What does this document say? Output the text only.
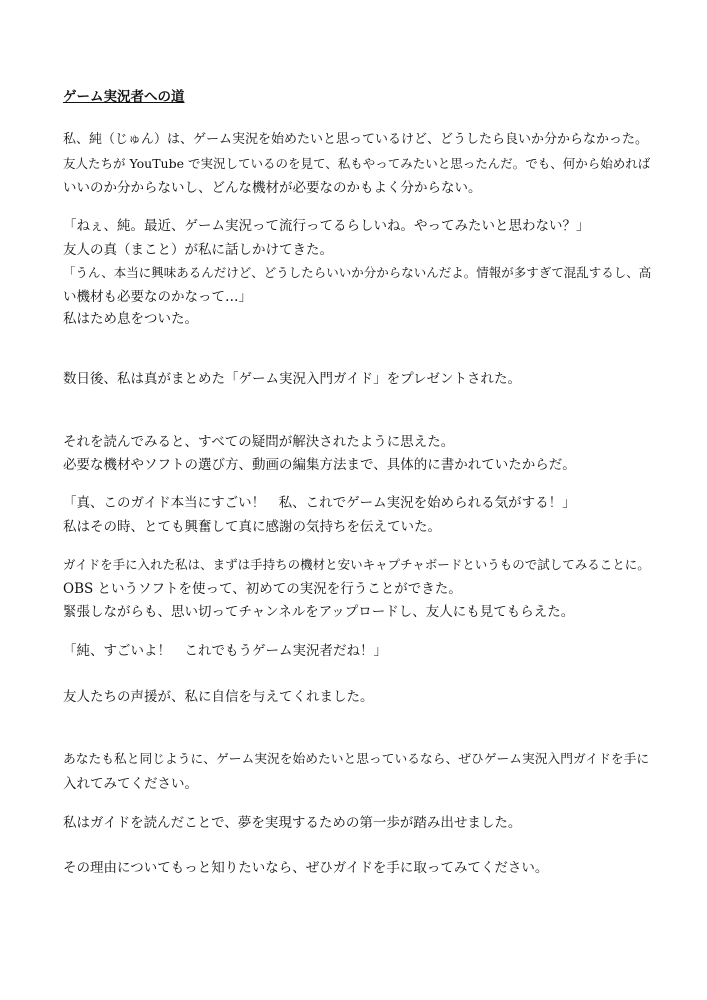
ゲーム実況者への道
私、純（じゅん）は、ゲーム実況を始めたいと思っているけど、どうしたら良いか分からなかった。
友人たちが YouTube で実況しているのを見て、私もやってみたいと思ったんだ。でも、何から始めれば
いいのか分からないし、どんな機材が必要なのかもよく分からない。
「ねぇ、純。最近、ゲーム実況って流行ってるらしいね。やってみたいと思わない？」
友人の真（まこと）が私に話しかけてきた。
「うん、本当に興味あるんだけど、どうしたらいいか分からないんだよ。情報が多すぎて混乱するし、高
い機材も必要なのかなって…」
私はため息をついた。
数日後、私は真がまとめた「ゲーム実況入門ガイド」をプレゼントされた。
それを読んでみると、すべての疑問が解決されたように思えた。
必要な機材やソフトの選び方、動画の編集方法まで、具体的に書かれていたからだ。
「真、このガイド本当にすごい！　私、これでゲーム実況を始められる気がする！」
私はその時、とても興奮して真に感謝の気持ちを伝えていた。
ガイドを手に入れた私は、まずは手持ちの機材と安いキャプチャボードというもので試してみることに。
OBS というソフトを使って、初めての実況を行うことができた。
緊張しながらも、思い切ってチャンネルをアップロードし、友人にも見てもらえた。
「純、すごいよ！　これでもうゲーム実況者だね！」
友人たちの声援が、私に自信を与えてくれました。
あなたも私と同じように、ゲーム実況を始めたいと思っているなら、ぜひゲーム実況入門ガイドを手に
入れてみてください。
私はガイドを読んだことで、夢を実現するための第一歩が踏み出せました。
その理由についてもっと知りたいなら、ぜひガイドを手に取ってみてください。
